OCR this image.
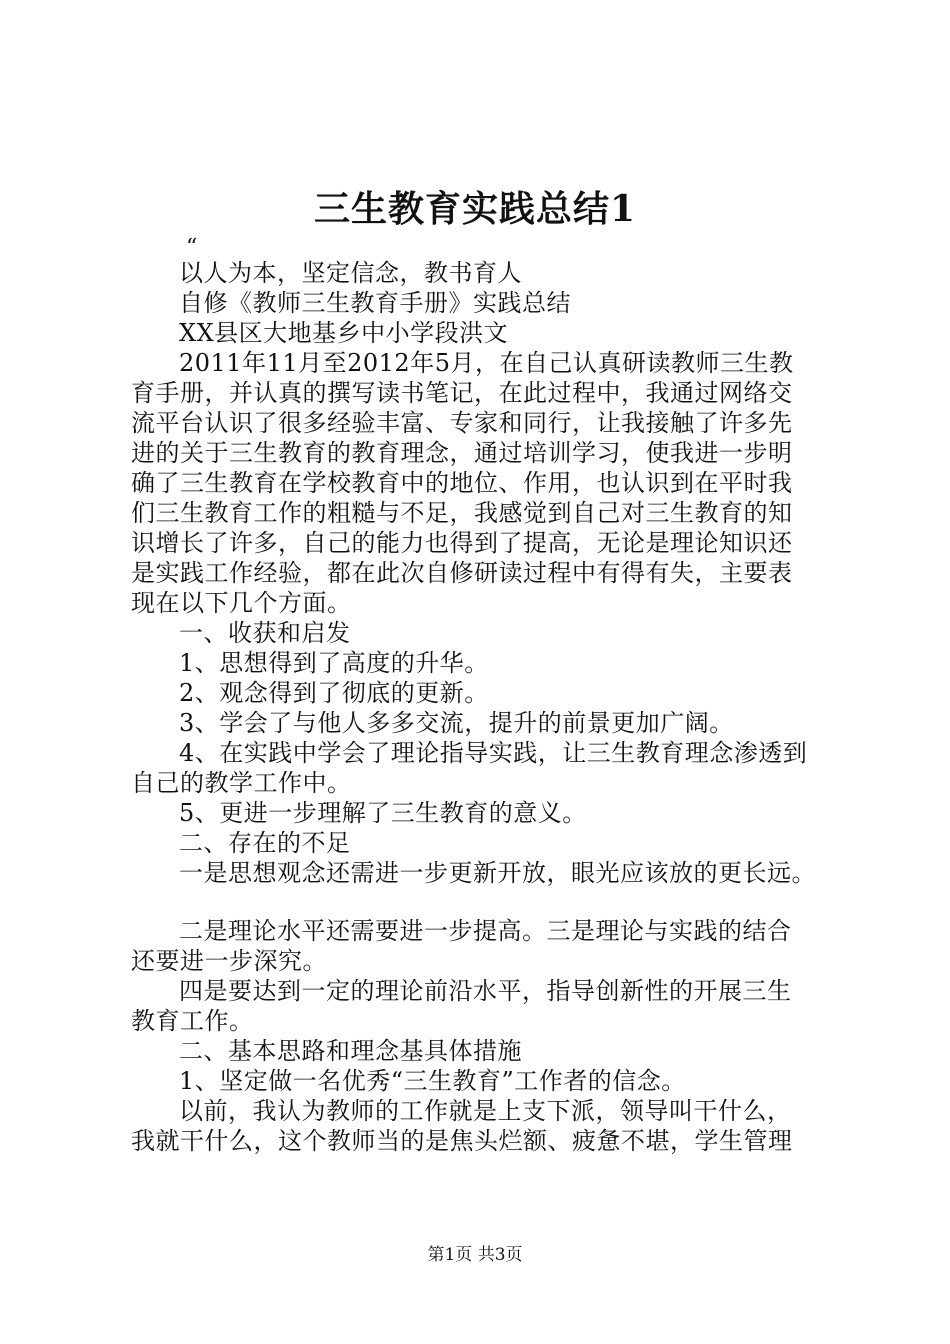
三生教育实践总结1
“
以人为本，坚定信念，教书育人
自修《教师三生教育手册》实践总结
XX县区大地基乡中小学段洪文
2011年11月至2012年5月，在自己认真研读教师三生教
育手册，并认真的撰写读书笔记，在此过程中，我通过网络交
流平台认识了很多经验丰富、专家和同行，让我接触了许多先
进的关于三生教育的教育理念，通过培训学习，使我进一步明
确了三生教育在学校教育中的地位、作用，也认识到在平时我
们三生教育工作的粗糙与不足，我感觉到自己对三生教育的知
识增长了许多，自己的能力也得到了提高，无论是理论知识还
是实践工作经验，都在此次自修研读过程中有得有失，主要表
现在以下几个方面。
一、收获和启发
1、思想得到了高度的升华。
2、观念得到了彻底的更新。
3、学会了与他人多多交流，提升的前景更加广阔。
4、在实践中学会了理论指导实践，让三生教育理念渗透到
自己的教学工作中。
5、更进一步理解了三生教育的意义。
二、存在的不足
一是思想观念还需进一步更新开放，眼光应该放的更长远。
二是理论水平还需要进一步提高。三是理论与实践的结合
还要进一步深究。
四是要达到一定的理论前沿水平，指导创新性的开展三生
教育工作。
二、基本思路和理念基具体措施
1、坚定做一名优秀“三生教育”工作者的信念。
以前，我认为教师的工作就是上支下派，领导叫干什么，
我就干什么，这个教师当的是焦头烂额、疲惫不堪，学生管理
第1页 共3页
